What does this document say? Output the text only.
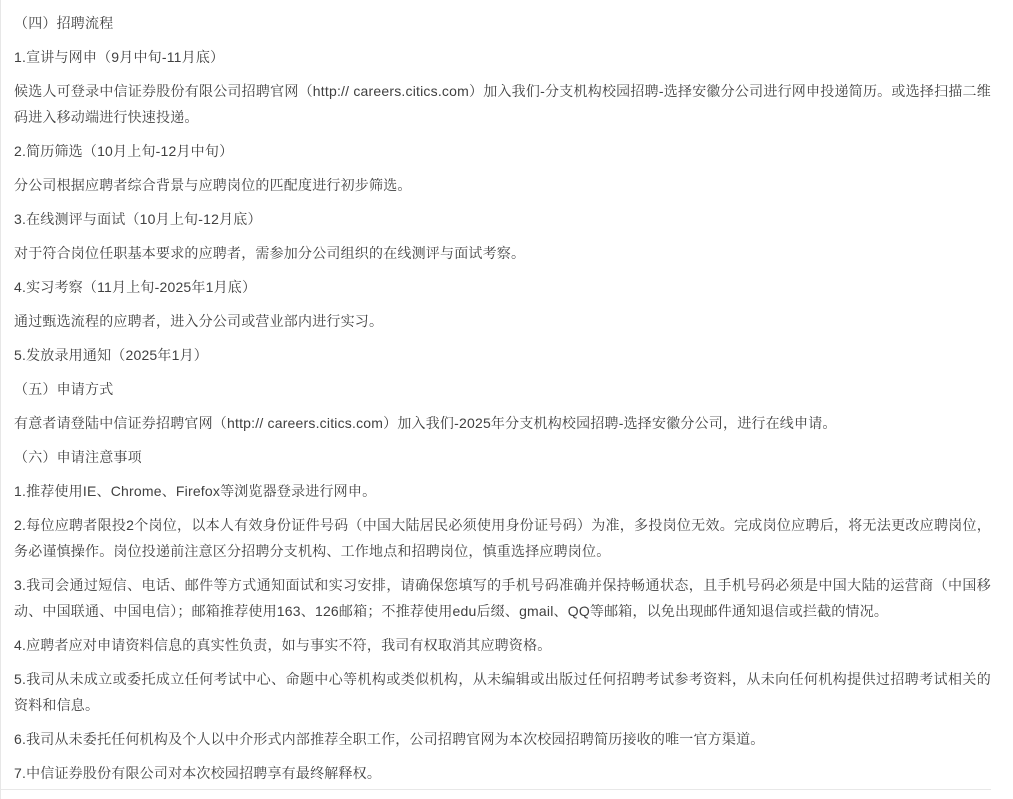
（四）招聘流程

1.宣讲与网申（9月中旬-11月底）

候选人可登录中信证券股份有限公司招聘官网（http:// careers.citics.com）加入我们-分支机构校园招聘-选择安徽分公司进行网申投递简历。或选择扫描二维码进入移动端进行快速投递。

2.简历筛选（10月上旬-12月中旬）

分公司根据应聘者综合背景与应聘岗位的匹配度进行初步筛选。

3.在线测评与面试（10月上旬-12月底）

对于符合岗位任职基本要求的应聘者，需参加分公司组织的在线测评与面试考察。

4.实习考察（11月上旬-2025年1月底）

通过甄选流程的应聘者，进入分公司或营业部内进行实习。

5.发放录用通知（2025年1月）

（五）申请方式

有意者请登陆中信证券招聘官网（http:// careers.citics.com）加入我们-2025年分支机构校园招聘-选择安徽分公司，进行在线申请。

（六）申请注意事项

1.推荐使用IE、Chrome、Firefox等浏览器登录进行网申。

2.每位应聘者限投2个岗位，以本人有效身份证件号码（中国大陆居民必须使用身份证号码）为准，多投岗位无效。完成岗位应聘后，将无法更改应聘岗位，务必谨慎操作。岗位投递前注意区分招聘分支机构、工作地点和招聘岗位，慎重选择应聘岗位。

3.我司会通过短信、电话、邮件等方式通知面试和实习安排，请确保您填写的手机号码准确并保持畅通状态，且手机号码必须是中国大陆的运营商（中国移动、中国联通、中国电信）；邮箱推荐使用163、126邮箱；不推荐使用edu后缀、gmail、QQ等邮箱，以免出现邮件通知退信或拦截的情况。

4.应聘者应对申请资料信息的真实性负责，如与事实不符，我司有权取消其应聘资格。

5.我司从未成立或委托成立任何考试中心、命题中心等机构或类似机构，从未编辑或出版过任何招聘考试参考资料，从未向任何机构提供过招聘考试相关的资料和信息。

6.我司从未委托任何机构及个人以中介形式内部推荐全职工作，公司招聘官网为本次校园招聘简历接收的唯一官方渠道。

7.中信证券股份有限公司对本次校园招聘享有最终解释权。
